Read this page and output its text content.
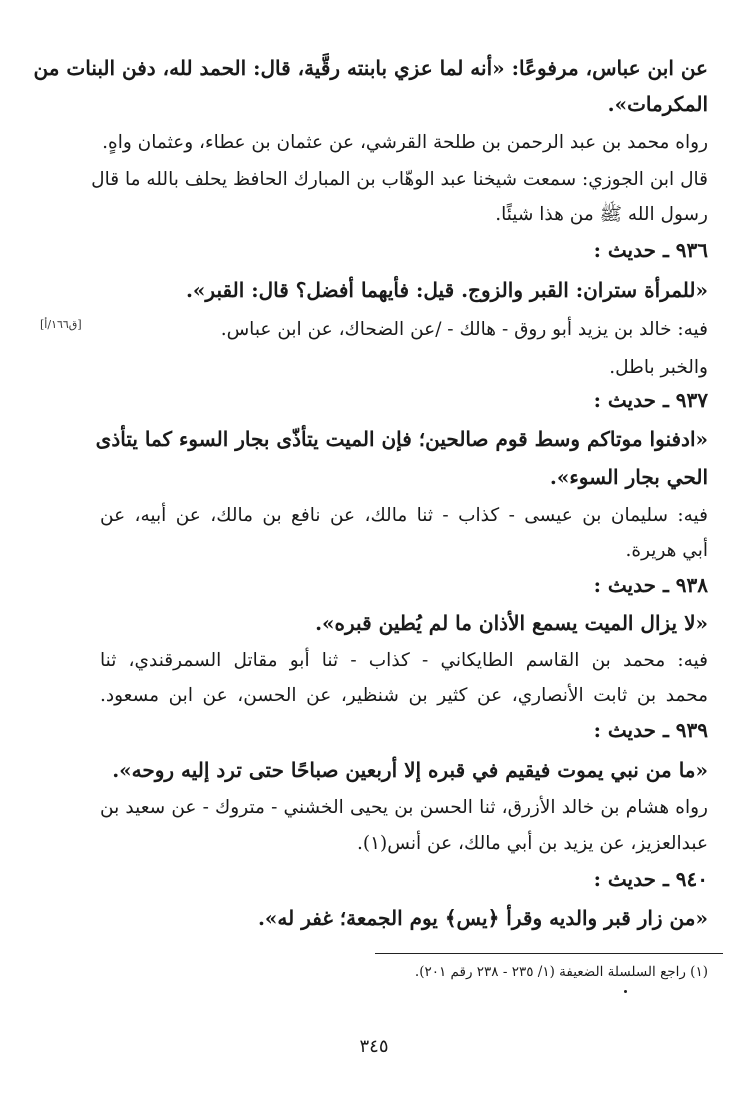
عن ابن عباس، مرفوعًا: «أنه لما عزي بابنته رقَّية، قال: الحمد لله، دفن البنات من
المكرمات».
رواه محمد بن عبد الرحمن بن طلحة القرشي، عن عثمان بن عطاء، وعثمان واهٍ.
قال ابن الجوزي: سمعت شيخنا عبد الوهّاب بن المبارك الحافظ يحلف بالله ما قال
رسول الله ﷺ من هذا شيئًا.
٩٣٦ ـ حديث :
«للمرأة ستران: القبر والزوج. قيل: فأيهما أفضل؟ قال: القبر».
فيه: خالد بن يزيد أبو روق - هالك - /عن الضحاك، عن ابن عباس.
والخبر باطل.
٩٣٧ ـ حديث :
«ادفنوا موتاكم وسط قوم صالحين؛ فإن الميت يتأذّى بجار السوء كما يتأذى
الحي بجار السوء».
فيه: سليمان بن عيسى - كذاب - ثنا مالك، عن نافع بن مالك، عن أبيه، عن
أبي هريرة.
٩٣٨ ـ حديث :
«لا يزال الميت يسمع الأذان ما لم يُطين قبره».
فيه: محمد بن القاسم الطايكاني - كذاب - ثنا أبو مقاتل السمرقندي، ثنا
محمد بن ثابت الأنصاري، عن كثير بن شنظير، عن الحسن، عن ابن مسعود.
٩٣٩ ـ حديث :
«ما من نبي يموت فيقيم في قبره إلا أربعين صباحًا حتى ترد إليه روحه».
رواه هشام بن خالد الأزرق، ثنا الحسن بن يحيى الخشني - متروك - عن سعيد بن
عبدالعزيز، عن يزيد بن أبي مالك، عن أنس(١).
٩٤٠ ـ حديث :
«من زار قبر والديه وقرأ ﴿يس﴾ يوم الجمعة؛ غفر له».
[ق١٦٦/أ]
(١) راجع السلسلة الضعيفة (١/ ٢٣٥ - ٢٣٨ رقم ٢٠١).
٣٤٥
